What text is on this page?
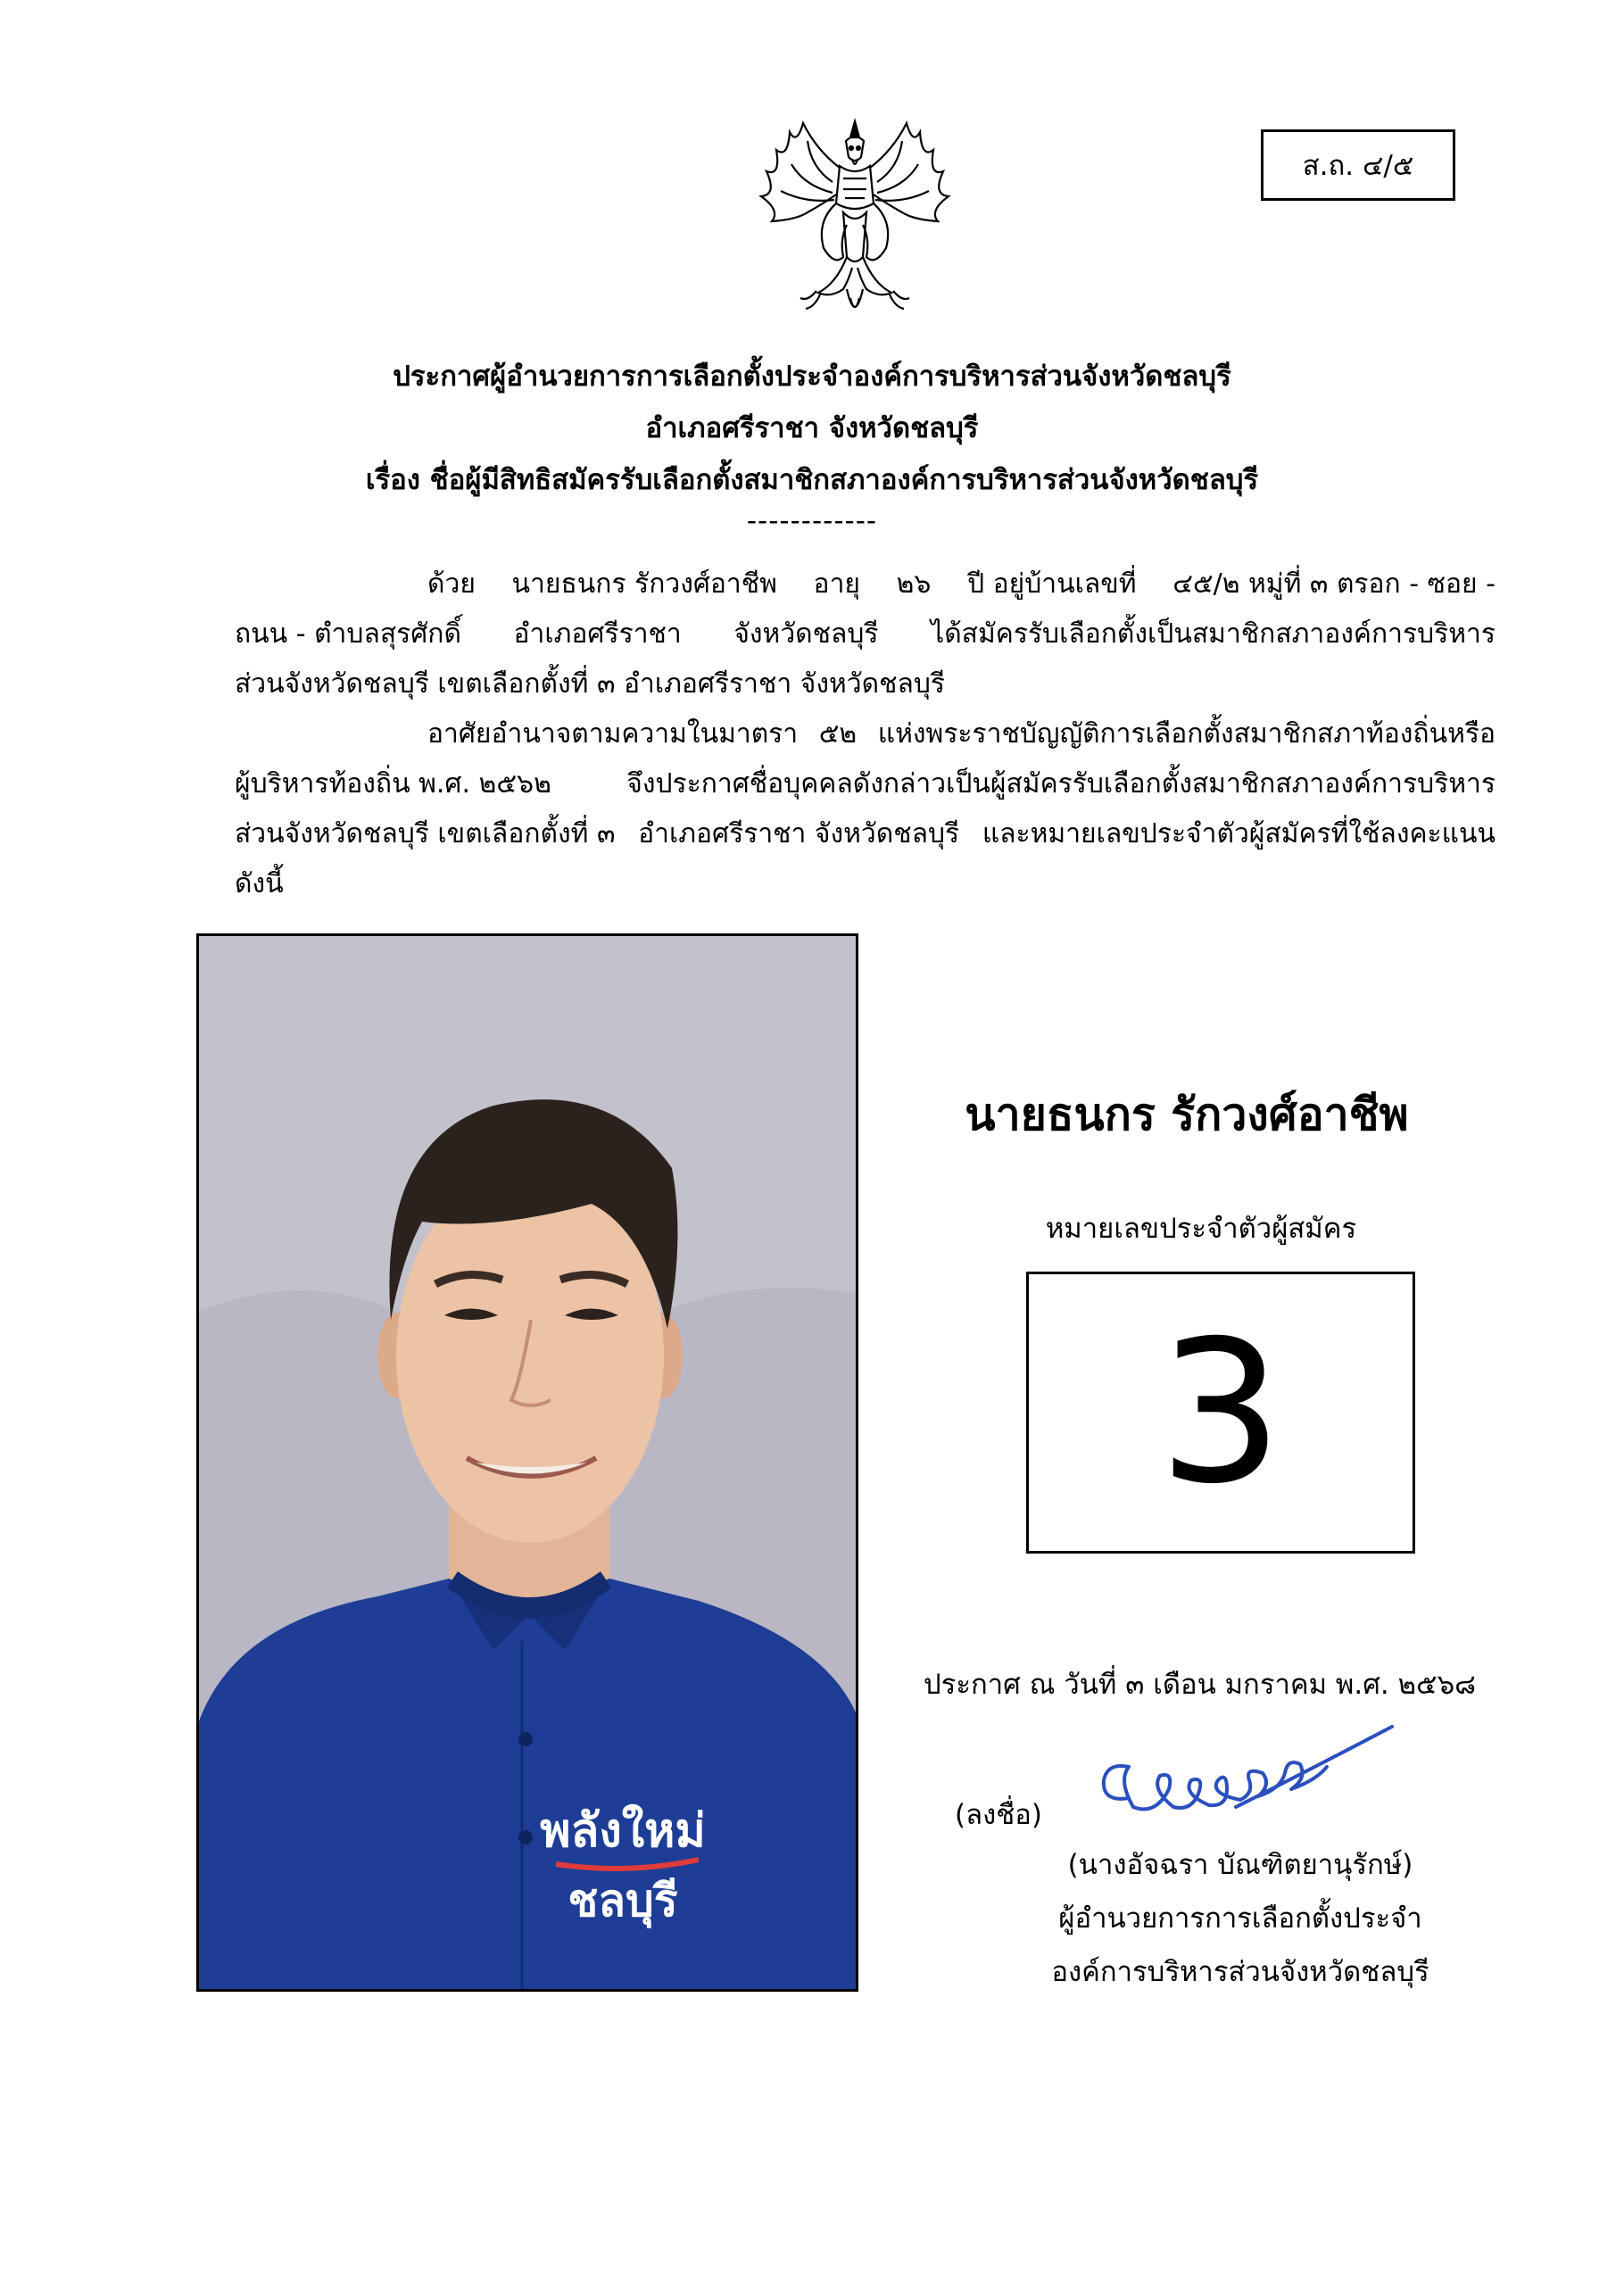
ส.ถ. ๔/๕
ประกาศผู้อำนวยการการเลือกตั้งประจำองค์การบริหารส่วนจังหวัดชลบุรี
อำเภอศรีราชา จังหวัดชลบุรี
เรื่อง ชื่อผู้มีสิทธิสมัครรับเลือกตั้งสมาชิกสภาองค์การบริหารส่วนจังหวัดชลบุรี
------------
ด้วย นายธนกร รักวงศ์อาชีพ อายุ ๒๖ ปี อยู่บ้านเลขที่ ๔๕/๒ หมู่ที่ ๓ ตรอก - ซอย -
ถนน - ตำบลสุรศักดิ์ อำเภอศรีราชา จังหวัดชลบุรี ได้สมัครรับเลือกตั้งเป็นสมาชิกสภาองค์การบริหาร
ส่วนจังหวัดชลบุรี เขตเลือกตั้งที่ ๓ อำเภอศรีราชา จังหวัดชลบุรี
อาศัยอำนาจตามความในมาตรา ๕๒ แห่งพระราชบัญญัติการเลือกตั้งสมาชิกสภาท้องถิ่นหรือ
ผู้บริหารท้องถิ่น พ.ศ. ๒๕๖๒	จึงประกาศชื่อบุคคลดังกล่าวเป็นผู้สมัครรับเลือกตั้งสมาชิกสภาองค์การบริหาร
ส่วนจังหวัดชลบุรี เขตเลือกตั้งที่ ๓ อำเภอศรีราชา จังหวัดชลบุรี และหมายเลขประจำตัวผู้สมัครที่ใช้ลงคะแนน
ดังนี้
พลังใหม่
ชลบุรี
นายธนกร รักวงศ์อาชีพ
หมายเลขประจำตัวผู้สมัคร
3
ประกาศ ณ วันที่ ๓ เดือน มกราคม พ.ศ. ๒๕๖๘
(ลงชื่อ)
(นางอัจฉรา บัณฑิตยานุรักษ์)
ผู้อำนวยการการเลือกตั้งประจำ
องค์การบริหารส่วนจังหวัดชลบุรี
